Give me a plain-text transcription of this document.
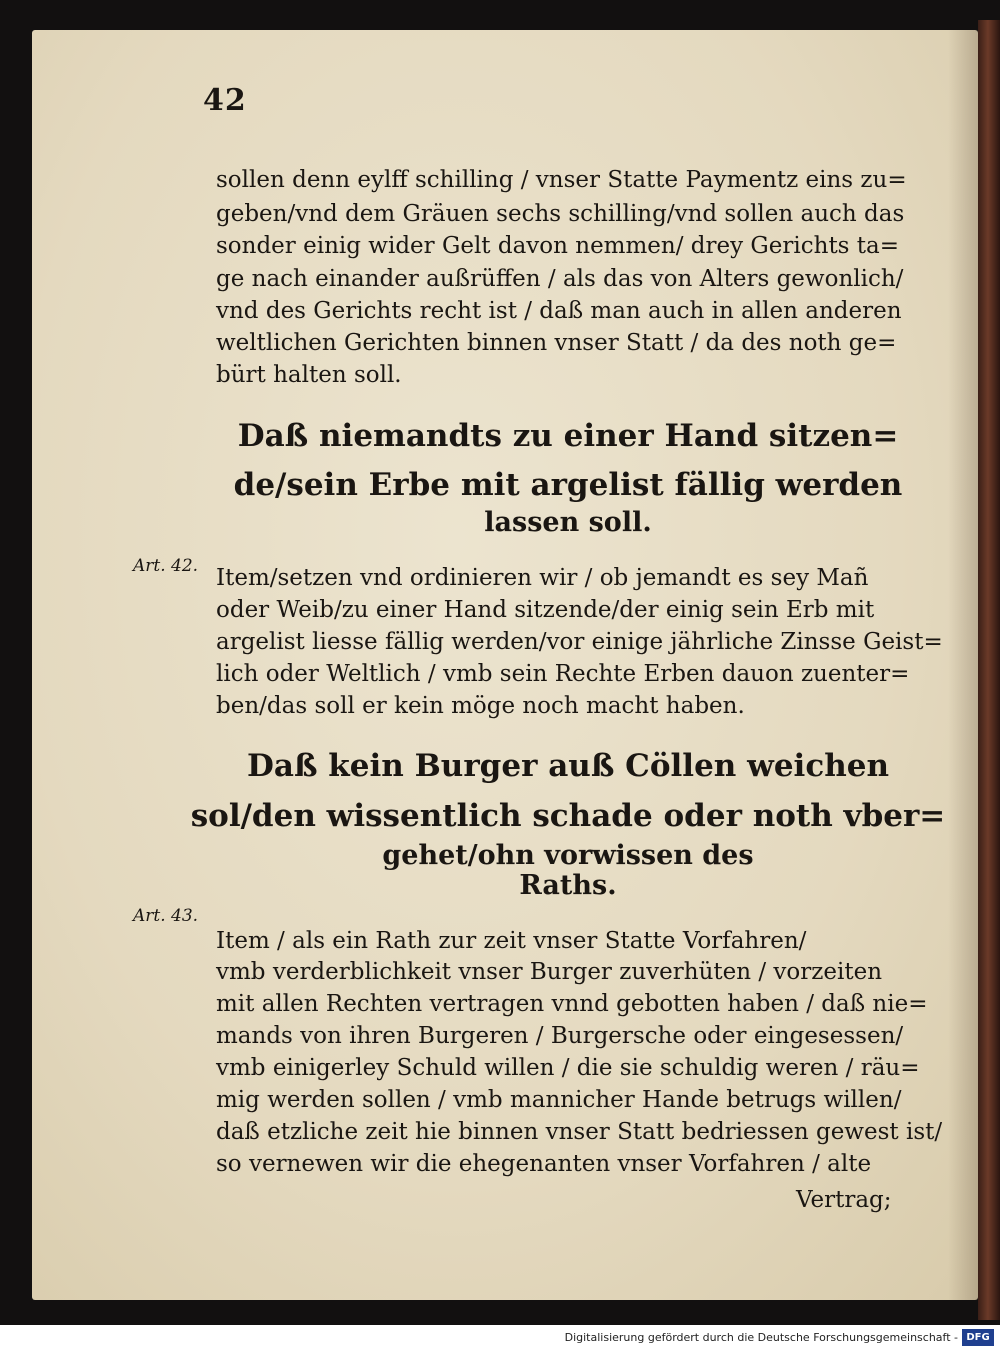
42
sollen denn eylff schilling / vnser Statte Paymentz eins zu=
geben/vnd dem Gräuen sechs schilling/vnd sollen auch das
sonder einig wider Gelt davon nemmen/ drey Gerichts ta=
ge nach einander außrüffen / als das von Alters gewonlich/
vnd des Gerichts recht ist / daß man auch in allen anderen
weltlichen Gerichten binnen vnser Statt / da des noth ge=
bürt halten soll.
Daß niemandts zu einer Hand sitzen=
de/sein Erbe mit argelist fällig werden
lassen soll.
Art. 42. Item/setzen vnd ordinieren wir / ob jemandt es sey Mañ
oder Weib/zu einer Hand sitzende/der einig sein Erb mit
argelist liesse fällig werden/vor einige jährliche Zinsse Geist=
lich oder Weltlich / vmb sein Rechte Erben dauon zuenter=
ben/das soll er kein möge noch macht haben.
Daß kein Burger auß Cöllen weichen
sol/den wissentlich schade oder noth vber=
gehet/ohn vorwissen des
Raths.
Art. 43.
Item / als ein Rath zur zeit vnser Statte Vorfahren/
vmb verderblichkeit vnser Burger zuverhüten / vorzeiten
mit allen Rechten vertragen vnnd gebotten haben / daß nie=
mands von ihren Burgeren / Burgersche oder eingesessen/
vmb einigerley Schuld willen / die sie schuldig weren / räu=
mig werden sollen / vmb mannicher Hande betrugs willen/
daß etzliche zeit hie binnen vnser Statt bedriessen gewest ist/
so vernewen wir die ehegenanten vnser Vorfahren / alte
Vertrag;
Digitalisierung gefördert durch die Deutsche Forschungsgemeinschaft - DFG
